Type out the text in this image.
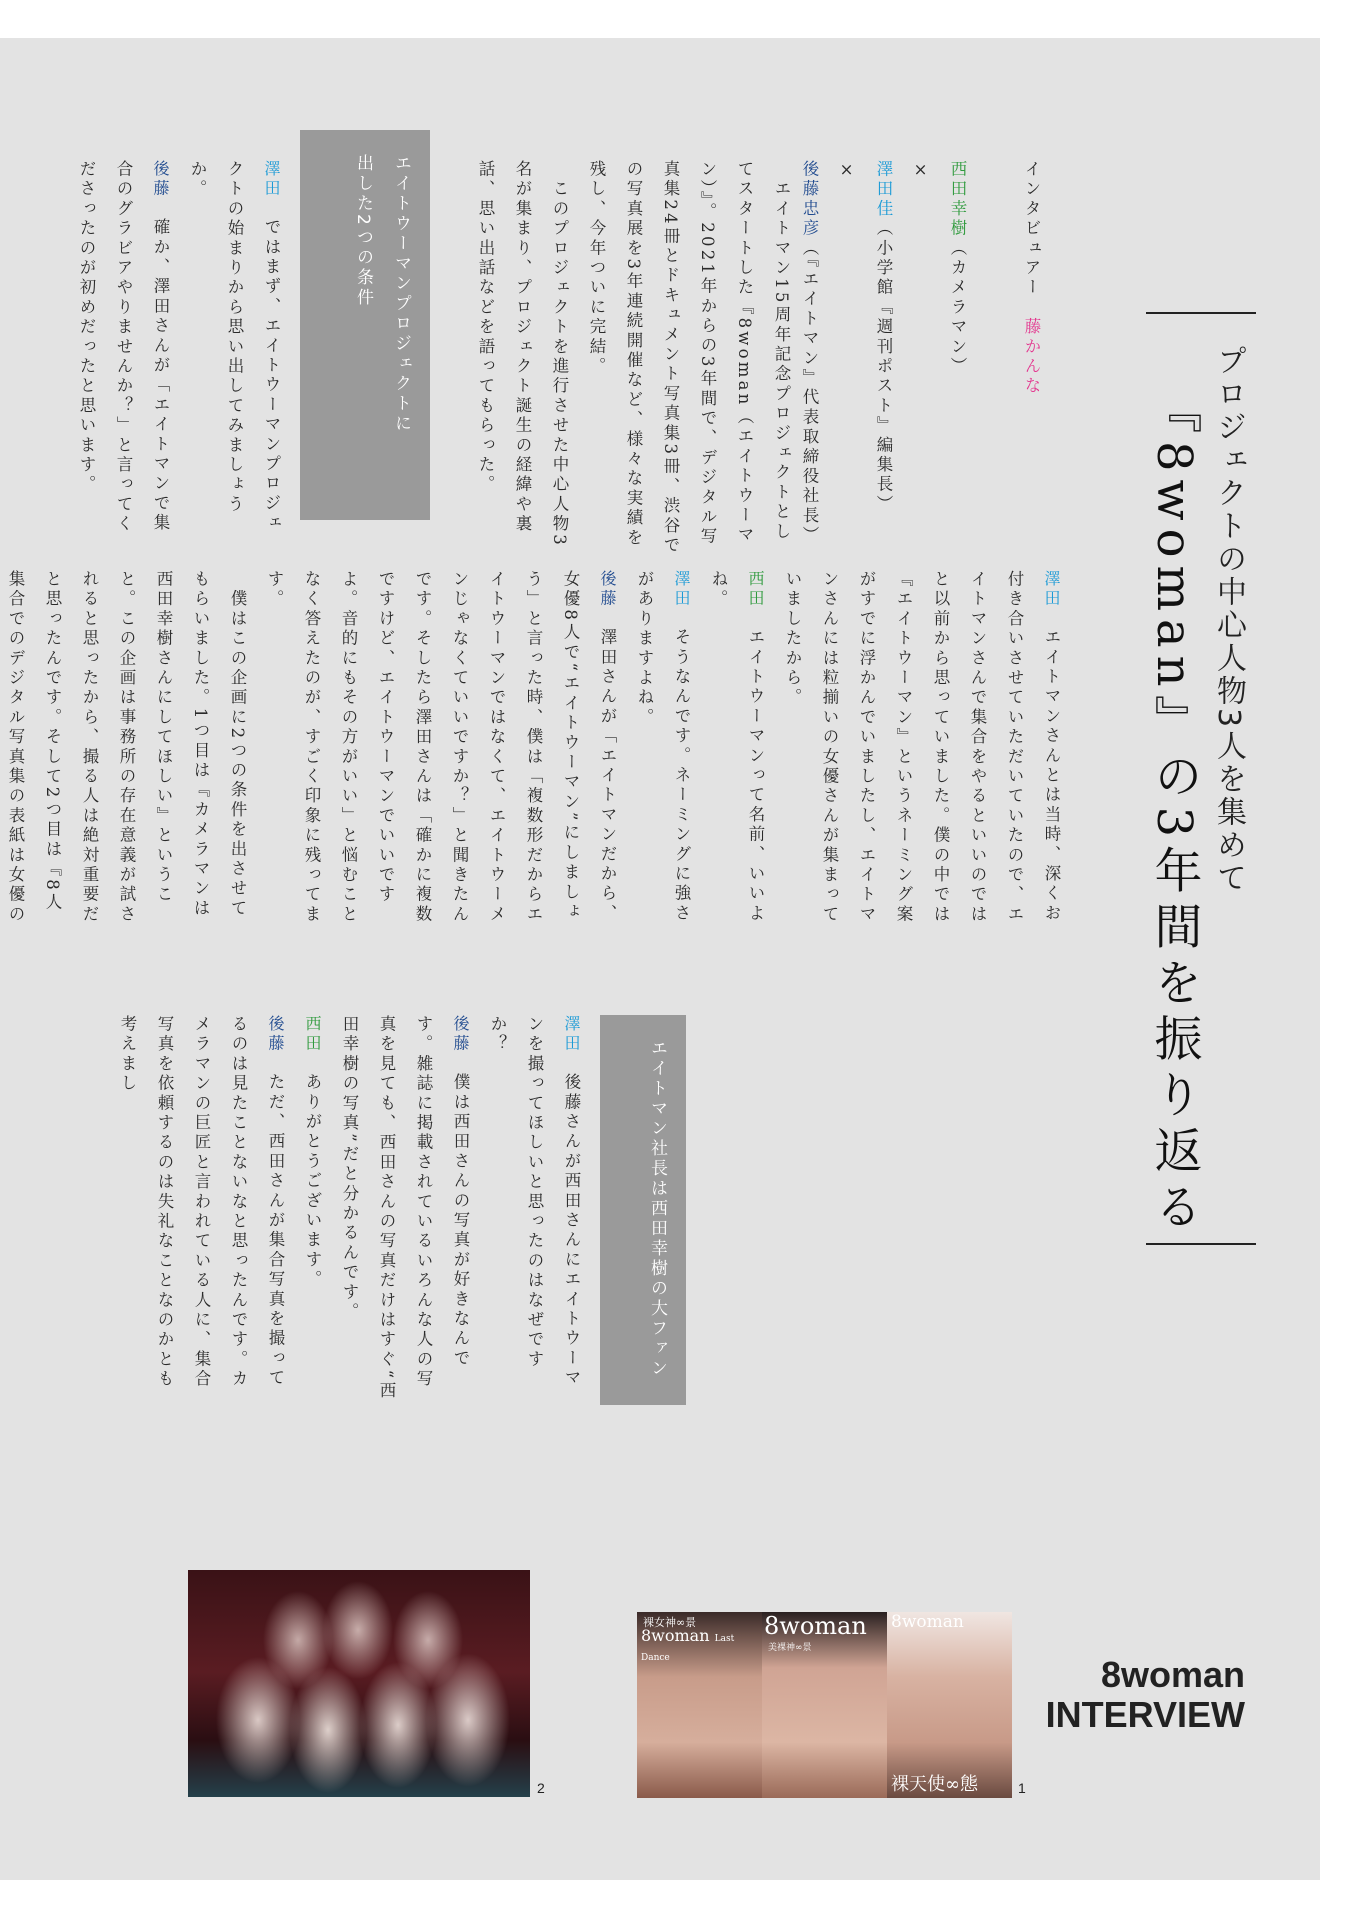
プロジェクトの中心人物3人を集めて
『8woman』の3年間を振り返る

インタビュアー　藤かんな

西田幸樹（カメラマン）

×

澤田佳（小学館『週刊ポスト』編集長）

×

後藤忠彦（『エイトマン』代表取締役社長）

　エイトマン15周年記念プロジェクトとしてスタートした『8woman（エイトウーマン）』。2021年からの3年間で、デジタル写真集24冊とドキュメント写真集3冊、渋谷での写真展を3年連続開催など、様々な実績を残し、今年ついに完結。
　このプロジェクトを進行させた中心人物3名が集まり、プロジェクト誕生の経緯や裏話、思い出話などを語ってもらった。
エイトウーマンプロジェクトに
出した2つの条件

澤田　ではまず、エイトウーマンプロジェクトの始まりから思い出してみましょうか。

後藤　確か、澤田さんが「エイトマンで集合のグラビアやりませんか？」と言ってくださったのが初めだったと思います。

澤田　エイトマンさんとは当時、深くお付き合いさせていただいていたので、エイトマンさんで集合をやるといいのではと以前から思っていました。僕の中では『エイトウーマン』というネーミング案がすでに浮かんでいましたし、エイトマンさんには粒揃いの女優さんが集まっていましたから。

西田　エイトウーマンって名前、いいよね。

澤田　そうなんです。ネーミングに強さがありますよね。

後藤　澤田さんが「エイトマンだから、女優8人で“エイトウーマン”にしましょう」と言った時、僕は「複数形だからエイトウーマンではなくて、エイトウーメンじゃなくていいですか？」と聞きたんです。そしたら澤田さんは「確かに複数ですけど、エイトウーマンでいいですよ。音的にもその方がいい」と悩むことなく答えたのが、すごく印象に残ってます。

　僕はこの企画に2つの条件を出させてもらいました。1つ目は『カメラマンは西田幸樹さんにしてほしい』ということ。この企画は事務所の存在意義が試されると思ったから、撮る人は絶対重要だと思ったんです。そして2つ目は『8人集合でのデジタル写真集の表紙は女優の

エイトマン社長は西田幸樹の大ファン

澤田　後藤さんが西田さんにエイトウーマンを撮ってほしいと思ったのはなぜですか？

後藤　僕は西田さんの写真が好きなんです。雑誌に掲載されているいろんな人の写真を見ても、西田さんの写真だけはすぐ“西田幸樹の写真”だと分かるんです。

西田　ありがとうございます。

後藤　ただ、西田さんが集合写真を撮ってるのは見たことないなと思ったんです。カメラマンの巨匠と言われている人に、集合写真を依頼するのは失礼なことなのかとも考えまし

2
裸女神∞景
8woman Last Dance
8woman
美裸神∞景
8woman
裸天使∞態	1
8woman
INTERVIEW
